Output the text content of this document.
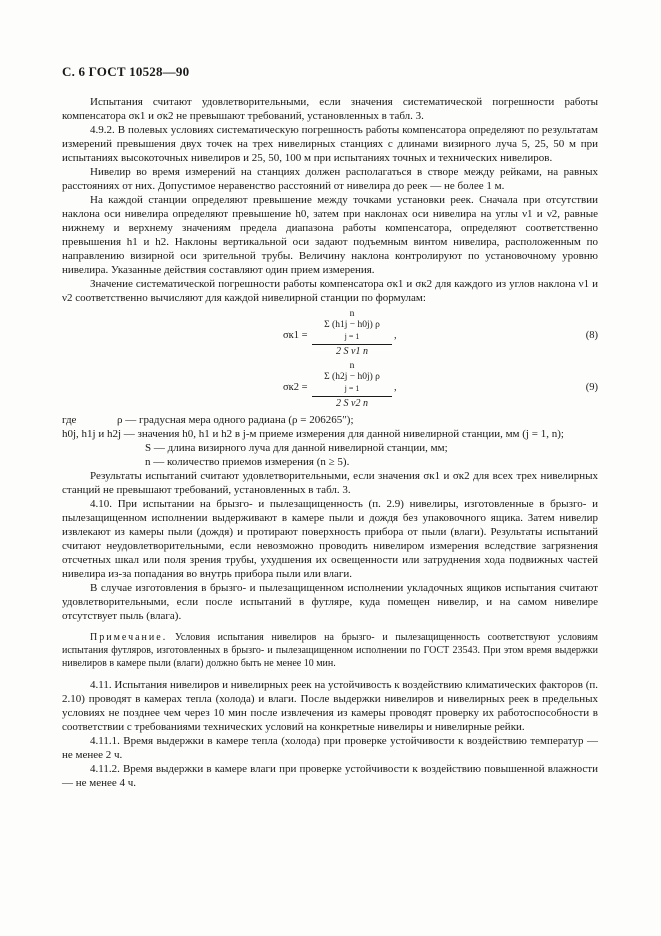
С. 6 ГОСТ 10528—90

Испытания считают удовлетворительными, если значения систематической погрешности работы компенсатора σк1 и σк2 не превышают требований, установленных в табл. 3.

4.9.2. В полевых условиях систематическую погрешность работы компенсатора определяют по результатам измерений превышения двух точек на трех нивелирных станциях с длинами визирного луча 5, 25, 50 м при испытаниях высокоточных нивелиров и 25, 50, 100 м при испытаниях точных и технических нивелиров.

Нивелир во время измерений на станциях должен располагаться в створе между рейками, на равных расстояниях от них. Допустимое неравенство расстояний от нивелира до реек — не более 1 м.

На каждой станции определяют превышение между точками установки реек. Сначала при отсутствии наклона оси нивелира определяют превышение h0, затем при наклонах оси нивелира на углы ν1 и ν2, равные нижнему и верхнему значениям предела диапазона работы компенсатора, определяют соответственно превышения h1 и h2. Наклоны вертикальной оси задают подъемным винтом нивелира, расположенным по направлению визирной оси зрительной трубы. Величину наклона контролируют по установочному уровню нивелира. Указанные действия составляют один прием измерения.

Значение систематической погрешности работы компенсатора σк1 и σк2 для каждого из углов наклона ν1 и ν2 соответственно вычисляют для каждой нивелирной станции по формулам:

σк1 =
n
Σ (h1j − h0j) ρ
j = 1
2 S ν1 n
,	(8)
σк2 =
n
Σ (h2j − h0j) ρ
j = 1
2 S ν2 n
,	(9)
где	ρ — градусная мера одного радиана (ρ = 206265″);

h0j, h1j и h2j — значения h0, h1 и h2 в j-м приеме измерения для данной нивелирной станции, мм (j = 1, n);

S — длина визирного луча для данной нивелирной станции, мм;

n — количество приемов измерения (n ≥ 5).

Результаты испытаний считают удовлетворительными, если значения σк1 и σк2 для всех трех нивелирных станций не превышают требований, установленных в табл. 3.

4.10. При испытании на брызго- и пылезащищенность (п. 2.9) нивелиры, изготовленные в брызго- и пылезащищенном исполнении выдерживают в камере пыли и дождя без упаковочного ящика. Затем нивелир извлекают из камеры пыли (дождя) и протирают поверхность прибора от пыли (влаги). Результаты испытаний считают неудовлетворительными, если невозможно проводить нивелиром измерения вследствие загрязнения отсчетных шкал или поля зрения трубы, ухудшения их освещенности или затруднения хода подвижных частей нивелира из-за попадания во внутрь прибора пыли или влаги.

В случае изготовления в брызго- и пылезащищенном исполнении укладочных ящиков испытания считают удовлетворительными, если после испытаний в футляре, куда помещен нивелир, и на самом нивелире отсутствует пыль (влага).

Примечание. Условия испытания нивелиров на брызго- и пылезащищенность соответствуют условиям испытания футляров, изготовленных в брызго- и пылезащищенном исполнении по ГОСТ 23543. При этом время выдержки нивелиров в камере пыли (влаги) должно быть не менее 10 мин.

4.11. Испытания нивелиров и нивелирных реек на устойчивость к воздействию климатических факторов (п. 2.10) проводят в камерах тепла (холода) и влаги. После выдержки нивелиров и нивелирных реек в предельных условиях не позднее чем через 10 мин после извлечения из камеры проводят проверку их работоспособности в соответствии с требованиями технических условий на конкретные нивелиры и нивелирные рейки.

4.11.1. Время выдержки в камере тепла (холода) при проверке устойчивости к воздействию температур — не менее 2 ч.

4.11.2. Время выдержки в камере влаги при проверке устойчивости к воздействию повышенной влажности — не менее 4 ч.
